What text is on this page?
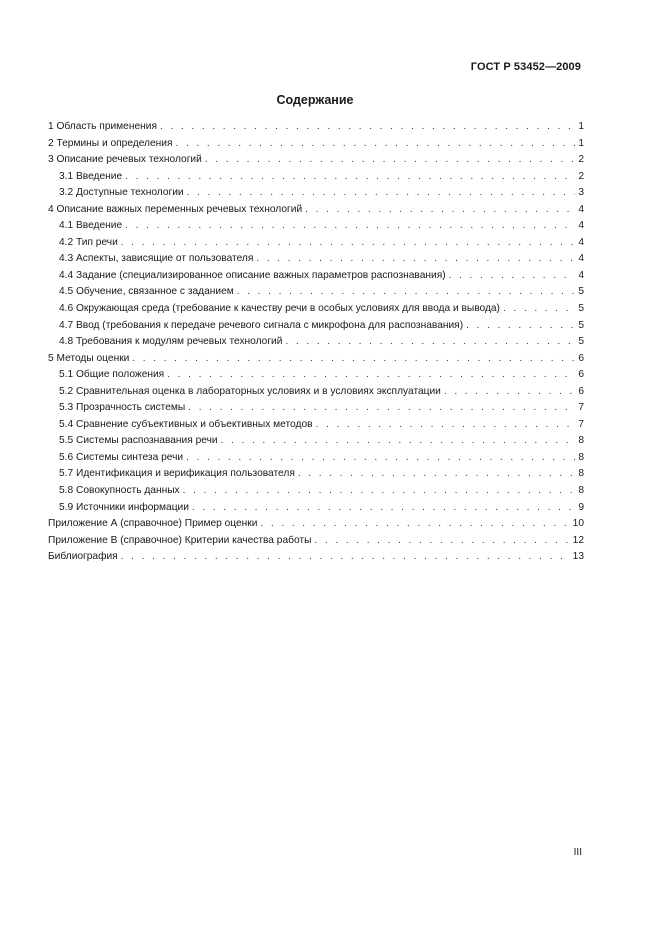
ГОСТ Р 53452—2009
Содержание
1 Область применения . . .	1
2 Термины и определения . . .	1
3 Описание речевых технологий . . .	2
3.1 Введение . . .	2
3.2 Доступные технологии . . .	3
4 Описание важных переменных речевых технологий . . .	4
4.1 Введение . . .	4
4.2 Тип речи . . .	4
4.3 Аспекты, зависящие от пользователя . . .	4
4.4 Задание (специализированное описание важных параметров распознавания) . . .	4
4.5 Обучение, связанное с заданием . . .	5
4.6 Окружающая среда (требование к качеству речи в особых условиях для ввода и вывода) . . .	5
4.7 Ввод (требования к передаче речевого сигнала с микрофона для распознавания) . . .	5
4.8 Требования к модулям речевых технологий . . .	5
5 Методы оценки . . .	6
5.1 Общие положения . . .	6
5.2 Сравнительная оценка в лабораторных условиях и в условиях эксплуатации . . .	6
5.3 Прозрачность системы . . .	7
5.4 Сравнение субъективных и объективных методов . . .	7
5.5 Системы распознавания речи . . .	8
5.6 Системы синтеза речи . . .	8
5.7 Идентификация и верификация пользователя . . .	8
5.8 Совокупность данных . . .	8
5.9 Источники информации . . .	9
Приложение А (справочное) Пример оценки . . .	10
Приложение В (справочное) Критерии качества работы . . .	12
Библиография . . .	13
III
